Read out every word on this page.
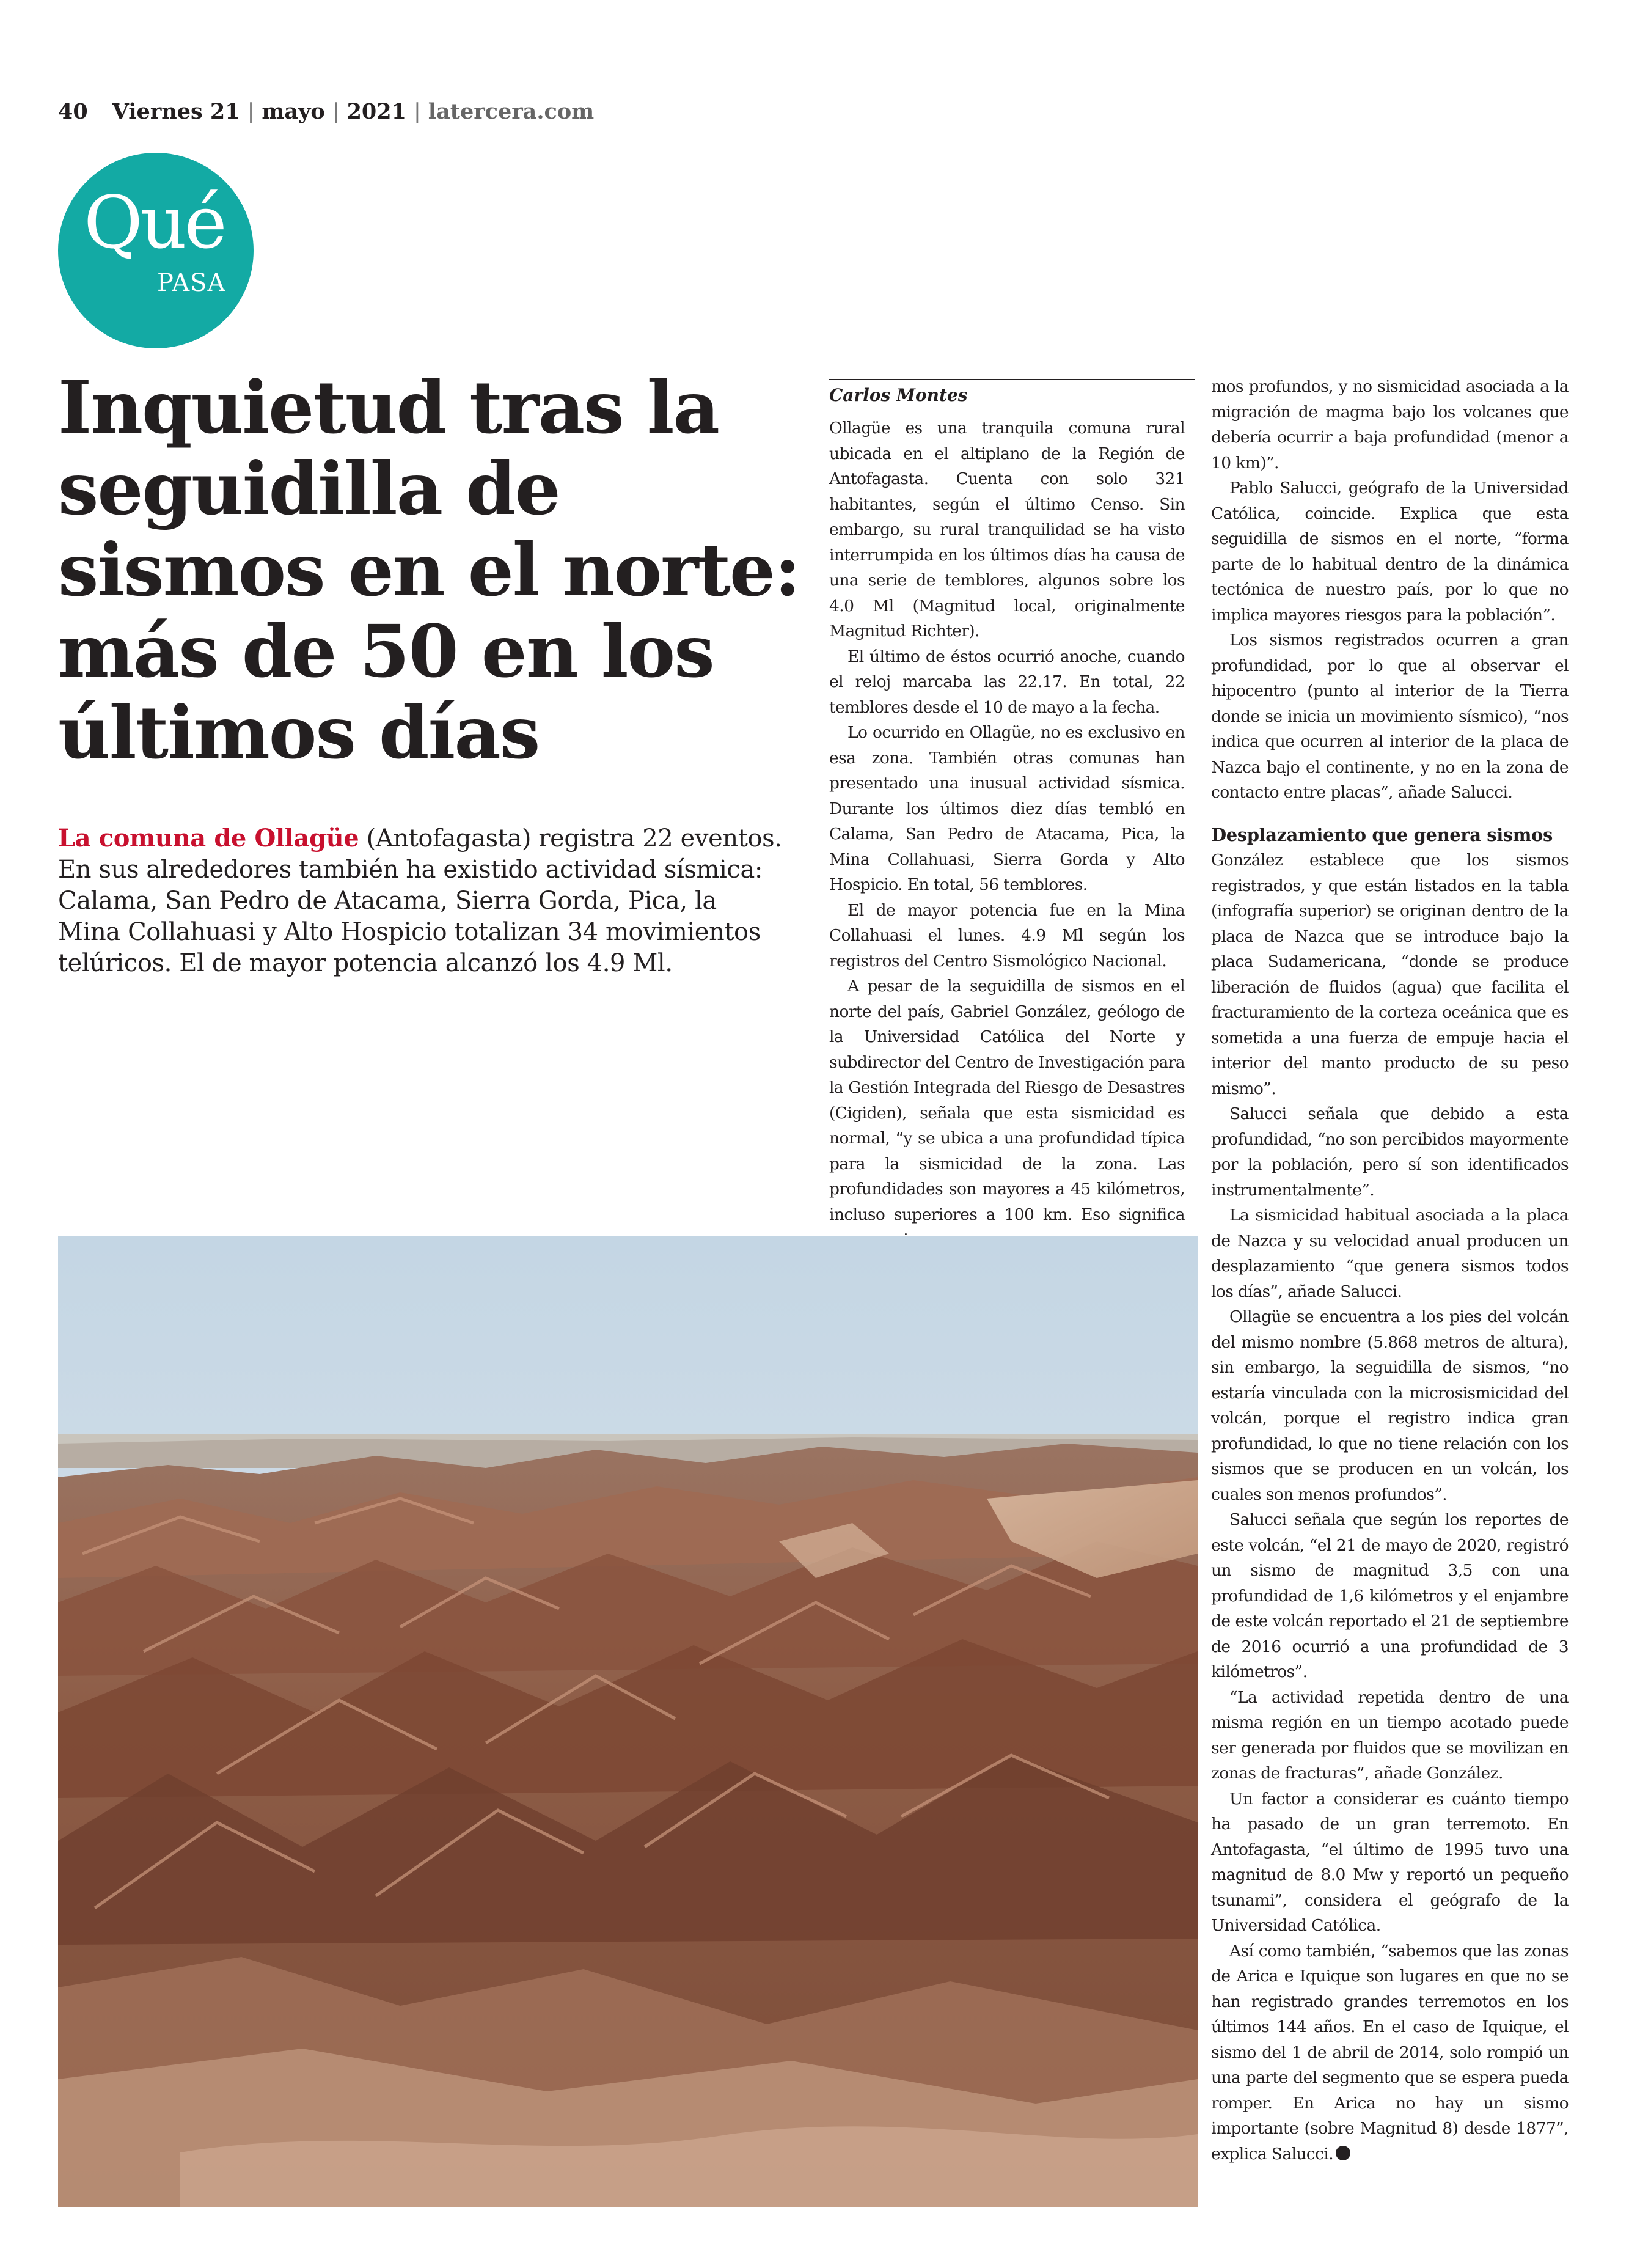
40 Viernes 21 | mayo | 2021 | latercera.com
Qué
PASA
Inquietud tras la
seguidilla de
sismos en el norte:
más de 50 en los
últimos días

La comuna de Ollagüe (Antofagasta) registra 22 eventos. En sus alrededores también ha existido actividad sísmica: Calama, San Pedro de Atacama, Sierra Gorda, Pica, la Mina Collahuasi y Alto Hospicio totalizan 34 movimientos telúricos. El de mayor potencia alcanzó los 4.9 Ml.

Carlos Montes

Ollagüe es una tranquila comuna rural ubicada en el altiplano de la Región de Antofagasta. Cuenta con solo 321 habitantes, según el último Censo. Sin embargo, su rural tranquilidad se ha visto interrumpida en los últimos días ha causa de una serie de temblores, algunos sobre los 4.0 Ml (Magnitud local, originalmente Magnitud Richter).

El último de éstos ocurrió anoche, cuando el reloj marcaba las 22.17. En total, 22 temblores desde el 10 de mayo a la fecha.

Lo ocurrido en Ollagüe, no es exclusivo en esa zona. También otras comunas han presentado una inusual actividad sísmica. Durante los últimos diez días tembló en Calama, San Pedro de Atacama, Pica, la Mina Collahuasi, Sierra Gorda y Alto Hospicio. En total, 56 temblores.

El de mayor potencia fue en la Mina Collahuasi el lunes. 4.9 Ml según los registros del Centro Sismológico Nacional.

A pesar de la seguidilla de sismos en el norte del país, Gabriel González, geólogo de la Universidad Católica del Norte y subdirector del Centro de Investigación para la Gestión Integrada del Riesgo de Desastres (Cigiden), señala que esta sismicidad es normal, “y se ubica a una profundidad típica para la sismicidad de la zona. Las profundidades son mayores a 45 kilómetros, incluso superiores a 100 km. Eso significa

mos profundos, y no sismicidad asociada a la migración de magma bajo los volcanes que debería ocurrir a baja profundidad (menor a 10 km)”.

Pablo Salucci, geógrafo de la Universidad Católica, coincide. Explica que esta seguidilla de sismos en el norte, “forma parte de lo habitual dentro de la dinámica tectónica de nuestro país, por lo que no implica mayores riesgos para la población”.

Los sismos registrados ocurren a gran profundidad, por lo que al observar el hipocentro (punto al interior de la Tierra donde se inicia un movimiento sísmico), “nos indica que ocurren al interior de la placa de Nazca bajo el continente, y no en la zona de contacto entre placas”, añade Salucci.

Desplazamiento que genera sismos

González establece que los sismos registrados, y que están listados en la tabla (infografía superior) se originan dentro de la placa de Nazca que se introduce bajo la placa Sudamericana, “donde se produce liberación de fluidos (agua) que facilita el fracturamiento de la corteza oceánica que es sometida a una fuerza de empuje hacia el interior del manto producto de su peso mismo”.

Salucci señala que debido a esta profundidad, “no son percibidos mayormente por la población, pero sí son identificados instrumentalmente”.

La sismicidad habitual asociada a la placa de Nazca y su velocidad anual producen un desplazamiento “que genera sismos todos los días”, añade Salucci.

Ollagüe se encuentra a los pies del volcán del mismo nombre (5.868 metros de altura), sin embargo, la seguidilla de sismos, “no estaría vinculada con la microsismicidad del volcán, porque el registro indica gran profundidad, lo que no tiene relación con los sismos que se producen en un volcán, los cuales son menos profundos”.

Salucci señala que según los reportes de este volcán, “el 21 de mayo de 2020, registró un sismo de magnitud 3,5 con una profundidad de 1,6 kilómetros y el enjambre de este volcán reportado el 21 de septiembre de 2016 ocurrió a una profundidad de 3 kilómetros”.

“La actividad repetida dentro de una misma región en un tiempo acotado puede ser generada por fluidos que se movilizan en zonas de fracturas”, añade González.

Un factor a considerar es cuánto tiempo ha pasado de un gran terremoto. En Antofagasta, “el último de 1995 tuvo una magnitud de 8.0 Mw y reportó un pequeño tsunami”, considera el geógrafo de la Universidad Católica.

Así como también, “sabemos que las zonas de Arica e Iquique son lugares en que no se han registrado grandes terremotos en los últimos 144 años. En el caso de Iquique, el sismo del 1 de abril de 2014, solo rompió un una parte del segmento que se espera pueda romper. En Arica no hay un sismo importante (sobre Magnitud 8) desde 1877”, explica Salucci.
